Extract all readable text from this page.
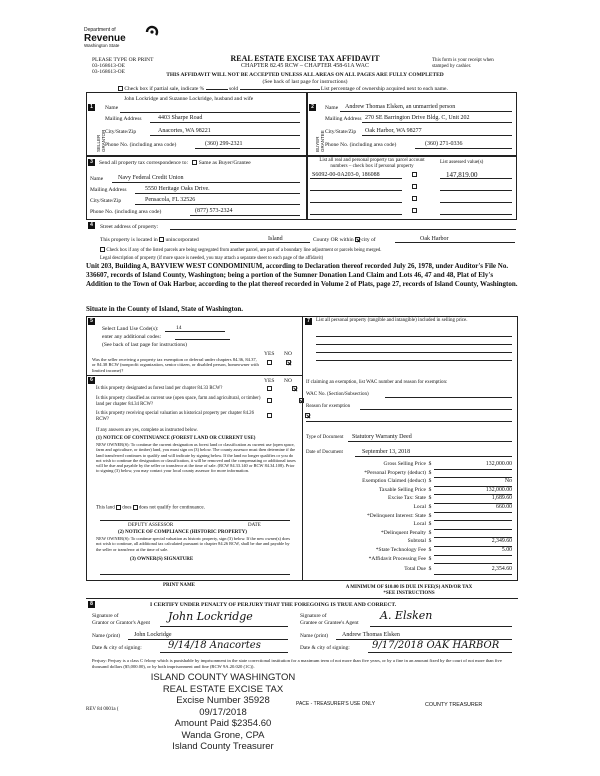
Department of
Revenue
Washington State
PLEASE TYPE OR PRINT
03-168613-OE
03-168613-OE
REAL ESTATE EXCISE TAX AFFIDAVIT
CHAPTER 82.45 RCW – CHAPTER 458-61A WAC
This form is your receipt when stamped by cashier.
THIS AFFIDAVIT WILL NOT BE ACCEPTED UNLESS ALL AREAS ON ALL PAGES ARE FULLY COMPLETED
(See back of last page for instructions)
Check box if partial sale, indicate %	sold	List percentage of ownership acquired next to each name.
1	2
SELLER GRANTOR	BUYER GRANTEE
Name
John Lockridge and Suzanne Lockridge, husband and wife
Mailing Address	4403 Sharpe Road
City/State/Zip	Anacortes, WA 98221
Phone No. (including area code)	(360) 299-2321
Name Andrew Thomas Elsken, an unmarried person
Mailing Address 270 SE Barrington Drive Bldg. C, Unit 202
City/State/Zip Oak Harbor, WA 98277
Phone No. (including area code)	(360) 271-0336
3	Send all property tax correspondence to: Same as Buyer/Grantee
Name Navy Federal Credit Union
Mailing Address	5550 Heritage Oaks Drive.
City/State/Zip	Pensacola, FL 32526
Phone No. (including area code)	(877) 573-2324
List all real and personal property tax parcel account numbers – check box if personal property
List assessed value(s)
S6092-00-0A203-0, 186088	147,819.00
4	Street address of property:
This property is located in unincorporated	Island	County OR within city of	Oak Harbor
Check box if any of the listed parcels are being segregated from another parcel, are part of a boundary line adjustment or parcels being merged.
Legal description of property (if more space is needed, you may attach a separate sheet to each page of the affidavit)
Unit 203, Building A, BAYVIEW WEST CONDOMINIUM, according to Declaration thereof recorded July 26, 1978, under Auditor's File No. 336607, records of Island County, Washington; being a portion of the Sumner Donation Land Claim and Lots 46, 47 and 48, Plat of Ely's Addition to the Town of Oak Harbor, according to the plat thereof recorded in Volume 2 of Plats, page 27, records of Island County, Washington.
Situate in the County of Island, State of Washington.
5
Select Land Use Code(s):	14
enter any additional codes:
(See back of last page for instructions)
YES NO
Was the seller receiving a property tax exemption or deferral under chapters 84.36, 84.37, or 84.38 RCW (nonprofit organization, senior citizen, or disabled person, homeowner with limited income)?

6	YES NO
Is this property designated as forest land per chapter 84.33 RCW?

Is this property classified as current use (open space, farm and agricultural, or timber) land per chapter 84.34 RCW?

Is this property receiving special valuation as historical property per chapter 84.26 RCW?
If any answers are yes, complete as instructed below.
(1) NOTICE OF CONTINUANCE (FOREST LAND OR CURRENT USE)
NEW OWNER(S): To continue the current designation as forest land or classification as current use (open space, farm and agriculture, or timber) land, you must sign on (3) below. The county assessor must then determine if the land transferred continues to qualify and will indicate by signing below. If the land no longer qualifies or you do not wish to continue the designation or classification, it will be removed and the compensating or additional taxes will be due and payable by the seller or transferor at the time of sale. (RCW 84.33.140 or RCW 84.34.108). Prior to signing (3) below, you may contact your local county assessor for more information.
This land does does not qualify for continuance.
DEPUTY ASSESSOR	DATE
(2) NOTICE OF COMPLIANCE (HISTORIC PROPERTY)
NEW OWNER(S): To continue special valuation as historic property, sign (3) below. If the new owner(s) does not wish to continue, all additional tax calculated pursuant to chapter 84.26 RCW, shall be due and payable by the seller or transferor at the time of sale.
(3) OWNER(S) SIGNATURE
PRINT NAME
7	List all personal property (tangible and intangible) included in selling price.
If claiming an exemption, list WAC number and reason for exemption:
WAC No. (Section/Subsection)
Reason for exemption
Type of Document Statutory Warranty Deed
Date of Document	September 13, 2018
Gross Selling Price $	132,000.00
*Personal Property (deduct) $
Exemption Claimed (deduct) $	No
Taxable Selling Price $	132,000.00
Excise Tax: State $	1,689.60
Local $	660.00
*Delinquent Interest: State $
Local $
*Delinquent Penalty $
Subtotal $	2,349.60
*State Technology Fee $	5.00
*Affidavit Processing Fee $
Total Due $	2,354.60
A MINIMUM OF $10.00 IS DUE IN FEE(S) AND/OR TAX
*SEE INSTRUCTIONS
8	I CERTIFY UNDER PENALTY OF PERJURY THAT THE FOREGOING IS TRUE AND CORRECT.
Signature of
Grantor or Grantor's Agent John Lockridge	Signature of
Grantee or Grantee's Agent
A. Elsken
Name (print) John Lockridge	Name (print) Andrew Thomas Elsken
Date & city of signing:	9/14/18 Anacortes	Date & city of signing: 9/17/2018 OAK HARBOR
Perjury: Perjury is a class C felony which is punishable by imprisonment in the state correctional institution for a maximum term of not more than five years, or by a fine in an amount fixed by the court of not more than five thousand dollars ($5,000.00), or by both imprisonment and fine (RCW 9A.20.020 (1C)).
ISLAND COUNTY WASHINGTON
REAL ESTATE EXCISE TAX
Excise Number 35928
09/17/2018
Amount Paid $2354.60
Wanda Grone, CPA
Island County Treasurer
REV 84 0001a (
PACE - TREASURER'S USE ONLY	COUNTY TREASURER
